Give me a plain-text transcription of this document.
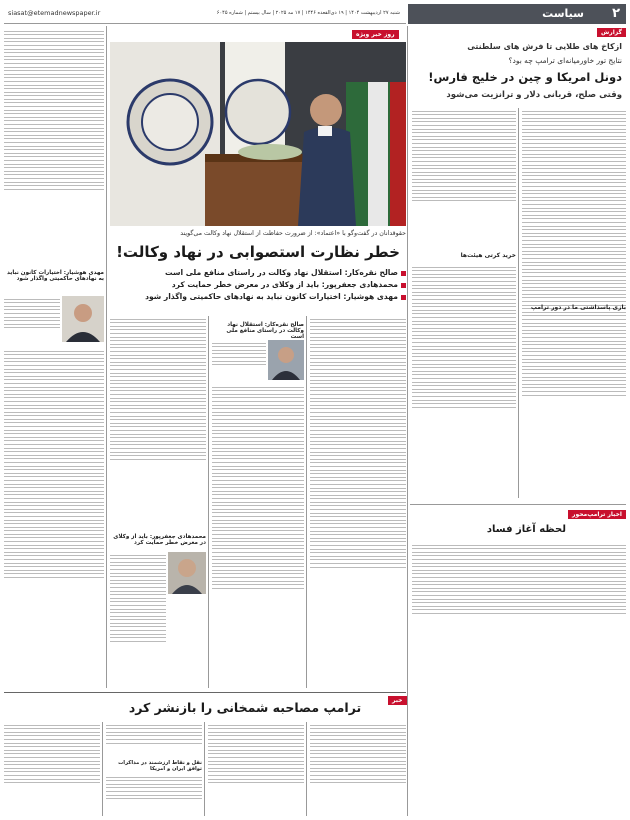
۲
سیاست
شنبه ۲۷ اردیبهشت ۱۴۰۴ | ۱۹ ذی‌القعده ۱۴۴۶ | ۱۷ مه ۲۰۲۵ | سال بیستم | شماره ۶۰۴۵
siasat@etemadnewspaper.ir
گزارش
ازکاخ های طلایی تا فرش های سلطنتی
نتایج تور خاورمیانه‌ای ترامپ چه بود؟
دونل امریکا و چین در خلیج فارس!
وقتی صلح، قربانی دلار و ترانزیت می‌شود
خرید کرتی هیئت‌ها
بازی پاسداشتی ما در دور ترامپ
اخبار ترامپ‌محور
لحظه آغاز فساد
روز خبر ویژه
حقوقدانان در گفت‌وگو با «اعتماد»: از ضرورت حفاظت از استقلال نهاد وکالت می‌گویند
خطر نظارت استصوابی در نهاد وکالت!
صالح نقره‌کار: استقلال نهاد وکالت در راستای منافع ملی است
محمدهادی جعفرپور: باید از وکلای در معرض خطر حمایت کرد
مهدی هوشیار: اختیارات کانون نباید به نهادهای حاکمیتی واگذار شود
صالح نقره‌کار: استقلال نهاد وکالت در راستای منافع ملی است
محمدهادی جعفرپور: باید از وکلای در معرض خطر حمایت کرد
مهدی هوشیار: اختیارات کانون نباید به نهادهای حاکمیتی واگذار شود
خبر
ترامپ مصاحبه شمخانی را بازنشر کرد
نقل و نقاط ارزشمند در مذاکرات توافق ایران و امریکا
